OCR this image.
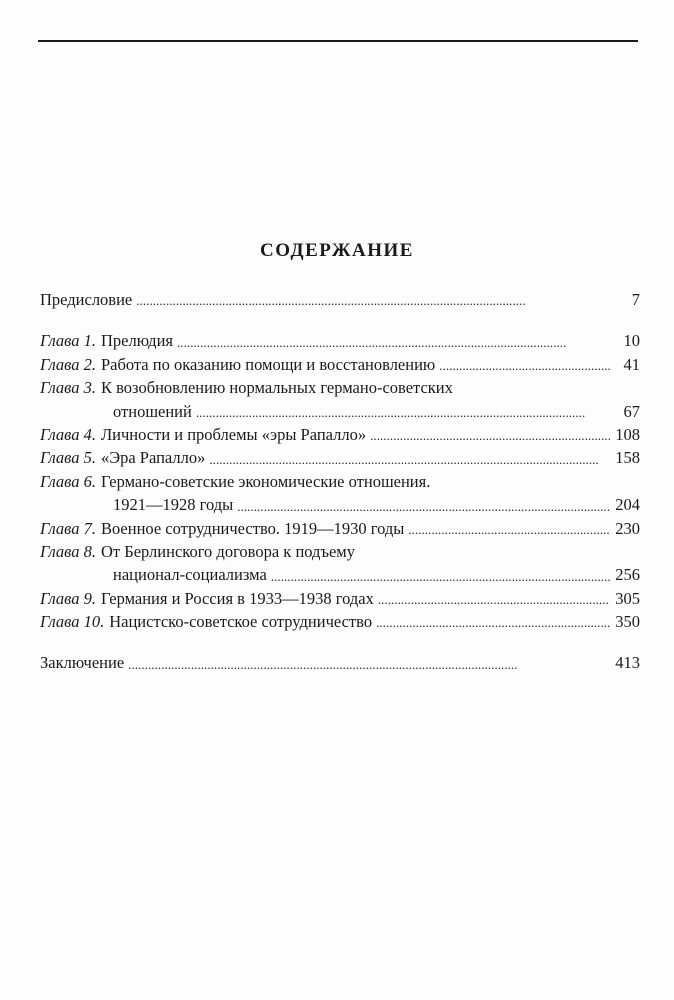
СОДЕРЖАНИЕ
Предисловие . . .	7
Глава 1. Прелюдия . . .	10
Глава 2. Работа по оказанию помощи и восстановлению . . .	41
Глава 3. К возобновлению нормальных германо-советских
отношений . . .	67
Глава 4. Личности и проблемы «эры Рапалло» . . .	108
Глава 5. «Эра Рапалло» . . .	158
Глава 6. Германо-советские экономические отношения.
1921—1928 годы . . .	204
Глава 7. Военное сотрудничество. 1919—1930 годы . . .	230
Глава 8. От Берлинского договора к подъему
национал-социализма . . .	256
Глава 9. Германия и Россия в 1933—1938 годах . . .	305
Глава 10. Нацистско-советское сотрудничество . . .	350
Заключение . . .	413
